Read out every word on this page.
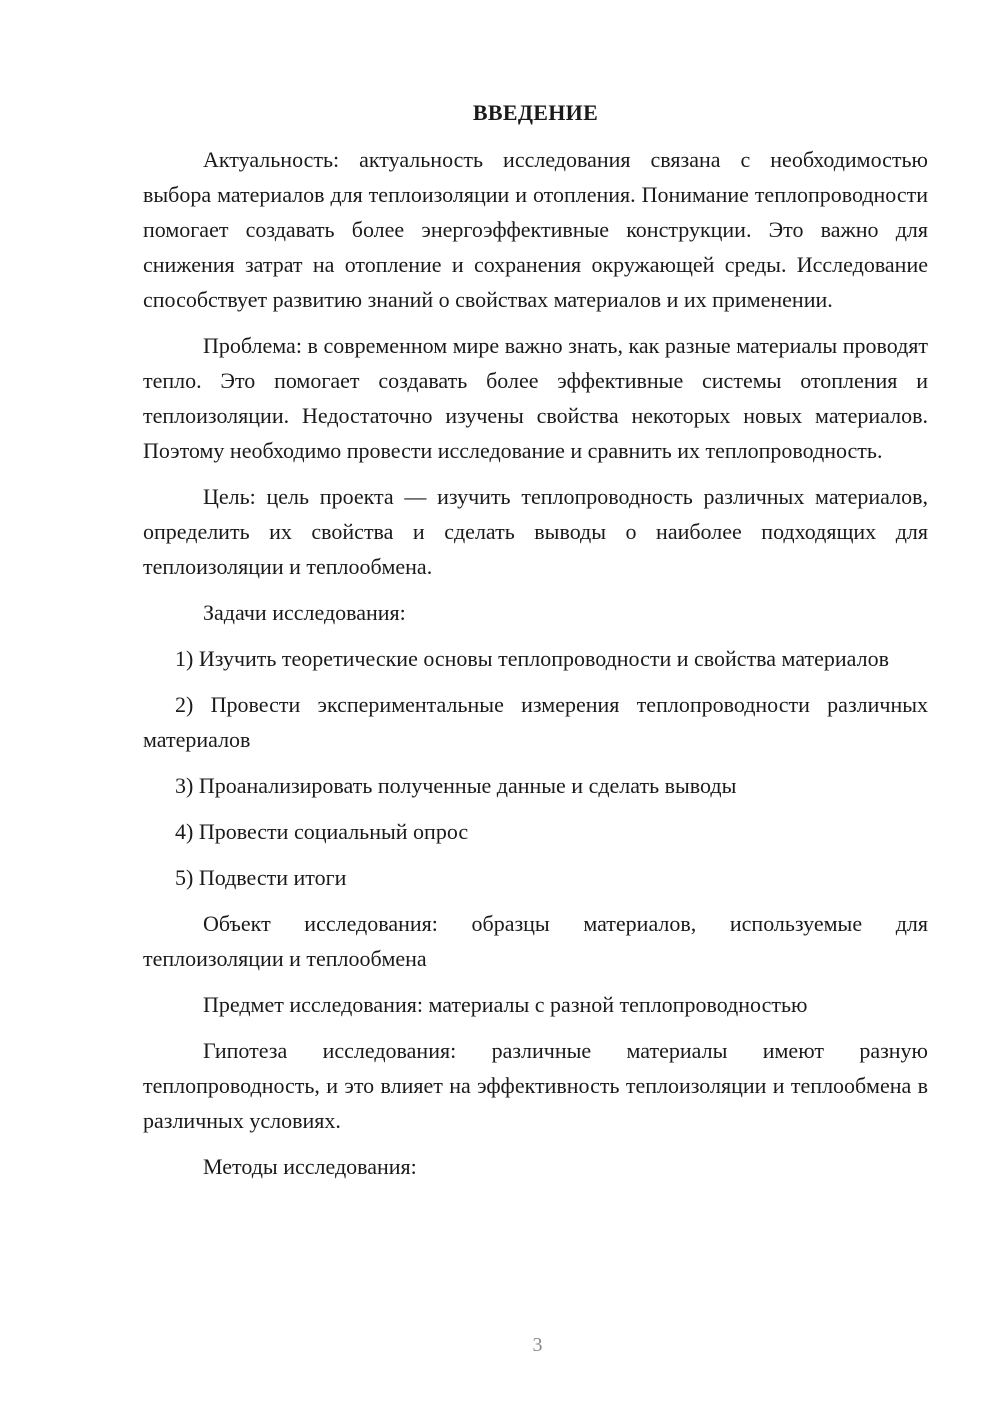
ВВЕДЕНИЕ

Актуальность: актуальность исследования связана с необходимостью выбора материалов для теплоизоляции и отопления. Понимание теплопроводности помогает создавать более энергоэффективные конструкции. Это важно для снижения затрат на отопление и сохранения окружающей среды. Исследование способствует развитию знаний о свойствах материалов и их применении.

Проблема: в современном мире важно знать, как разные материалы проводят тепло. Это помогает создавать более эффективные системы отопления и теплоизоляции. Недостаточно изучены свойства некоторых новых материалов. Поэтому необходимо провести исследование и сравнить их теплопроводность.

Цель: цель проекта — изучить теплопроводность различных материалов, определить их свойства и сделать выводы о наиболее подходящих для теплоизоляции и теплообмена.

Задачи исследования:

1) Изучить теоретические основы теплопроводности и свойства материалов

2) Провести экспериментальные измерения теплопроводности различных материалов

3) Проанализировать полученные данные и сделать выводы

4) Провести социальный опрос

5) Подвести итоги

Объект исследования: образцы материалов, используемые для теплоизоляции и теплообмена

Предмет исследования: материалы с разной теплопроводностью

Гипотеза исследования: различные материалы имеют разную теплопроводность, и это влияет на эффективность теплоизоляции и теплообмена в различных условиях.

Методы исследования:

3
